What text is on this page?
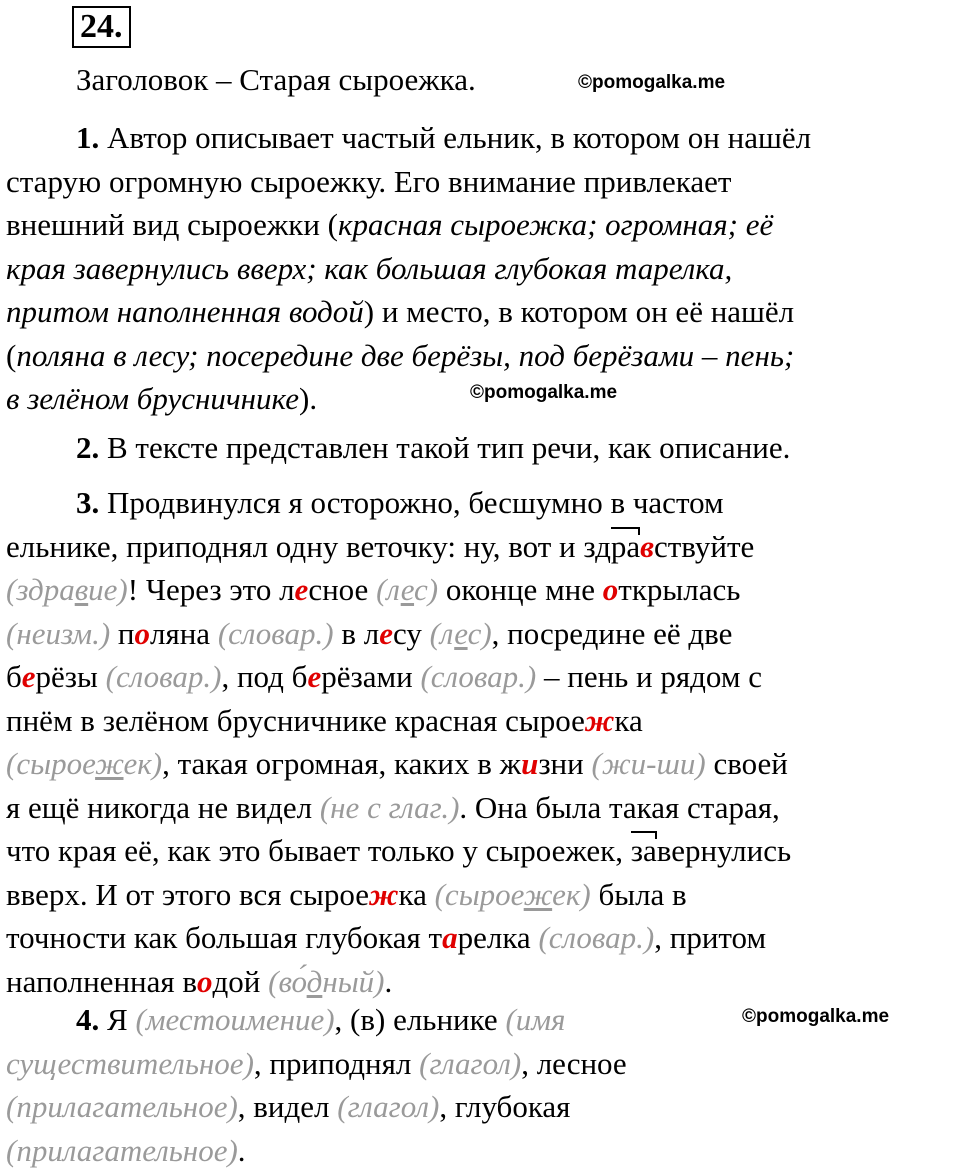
24.
Заголовок – Старая сыроежка.	©pomogalka.me
1. Автор описывает частый ельник, в котором он нашёл
старую огромную сыроежку. Его внимание привлекает
внешний вид сыроежки (красная сыроежка; огромная; её
края завернулись вверх; как большая глубокая тарелка,
притом наполненная водой) и место, в котором он её нашёл
(поляна в лесу; посередине две берёзы, под берёзами – пень;
в зелёном брусничнике).	©pomogalka.me
2. В тексте представлен такой тип речи, как описание.
3. Продвинулся я осторожно, бесшумно в частом
ельнике, приподнял одну веточку: ну, вот и здравствуйте
(здравие)! Через это лесное (лес) оконце мне открылась
(неизм.) поляна (словар.) в лесу (лес), посредине её две
берёзы (словар.), под берёзами (словар.) – пень и рядом с
пнём в зелёном брусничнике красная сыроежка
(сыроежек), такая огромная, каких в жизни (жи-ши) своей
я ещё никогда не видел (не с глаг.). Она была такая старая,
что края её, как это бывает только у сыроежек, завернулись
вверх. И от этого вся сыроежка (сыроежек) была в
точности как большая глубокая тарелка (словар.), притом
наполненная водой (во́дный).
4. Я (местоимение), (в) ельнике (имя
существительное), приподнял (глагол), лесное
(прилагательное), видел (глагол), глубокая
(прилагательное).
©pomogalka.me
